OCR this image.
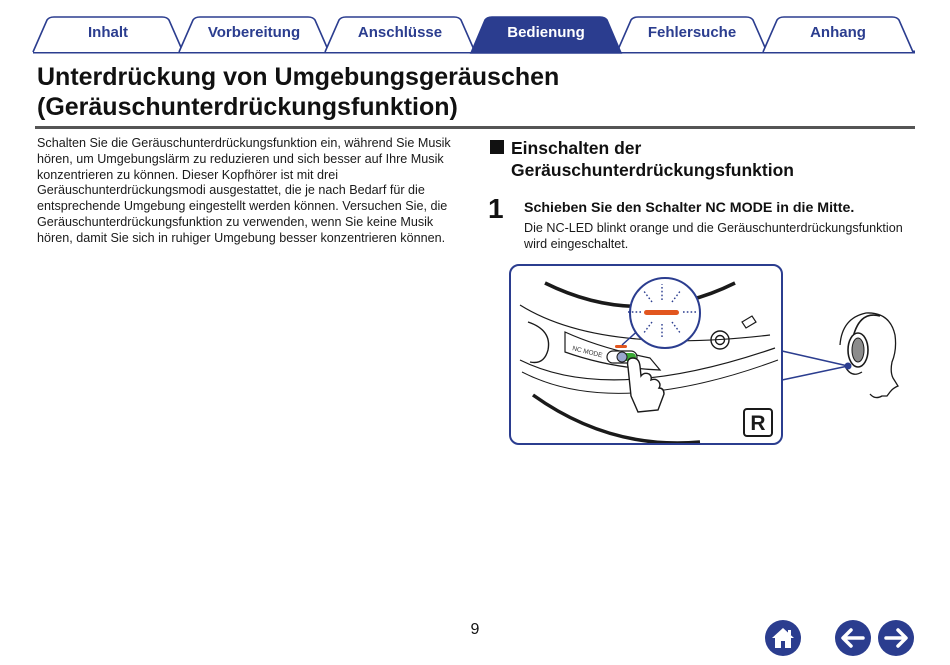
Inhalt	Vorbereitung	Anschlüsse	Bedienung	Fehlersuche	Anhang
Unterdrückung von Umgebungsgeräuschen
(Geräuschunterdrückungsfunktion)

Schalten Sie die Geräuschunterdrückungsfunktion ein, während Sie Musik hören, um Umgebungslärm zu reduzieren und sich besser auf Ihre Musik konzentrieren zu können. Dieser Kopfhörer ist mit drei Geräuschunterdrückungsmodi ausgestattet, die je nach Bedarf für die entsprechende Umgebung eingestellt werden können. Versuchen Sie, die Geräuschunterdrückungsfunktion zu verwenden, wenn Sie keine Musik hören, damit Sie sich in ruhiger Umgebung besser konzentrieren können.

Einschalten der
Geräuschunterdrückungsfunktion
1 Schieben Sie den Schalter NC MODE in die Mitte.
Die NC-LED blinkt orange und die Geräuschunterdrückungsfunktion wird eingeschaltet.
NC MODE
R
9
